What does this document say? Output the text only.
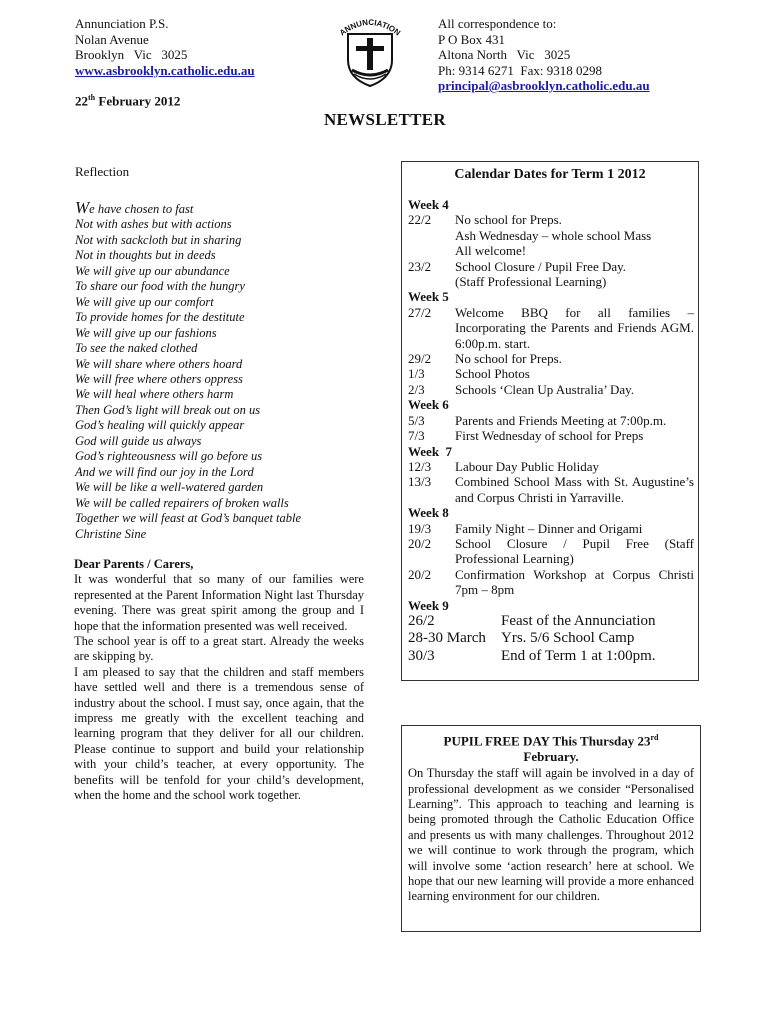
Annunciation P.S.
Nolan Avenue
Brooklyn   Vic   3025
www.asbrooklyn.catholic.edu.au
ANNUNCIATION
All correspondence to:
P O Box 431
Altona North   Vic   3025
Ph: 9314 6271  Fax: 9318 0298
principal@asbrooklyn.catholic.edu.au
22th February 2012
NEWSLETTER
Reflection
We have chosen to fast
Not with ashes but with actions
Not with sackcloth but in sharing
Not in thoughts but in deeds
We will give up our abundance
To share our food with the hungry
We will give up our comfort
To provide homes for the destitute
We will give up our fashions
To see the naked clothed
We will share where others hoard
We will free where others oppress
We will heal where others harm
Then God’s light will break out on us
God’s healing will quickly appear
God will guide us always
God’s righteousness will go before us
And we will find our joy in the Lord
We will be like a well-watered garden
We will be called repairers of broken walls
Together we will feast at God’s banquet table
Christine Sine

Dear Parents / Carers,

It was wonderful that so many of our families were represented at the Parent Information Night last Thursday evening. There was great spirit among the group and I hope that the information presented was well received.

The school year is off to a great start. Already the weeks are skipping by.

I am pleased to say that the children and staff members have settled well and there is a tremendous sense of industry about the school. I must say, once again, that the impress me greatly with the excellent teaching and learning program that they deliver for all our children. Please continue to support and build your relationship with your child’s teacher, at every opportunity. The benefits will be tenfold for your child’s development, when the home and the school work together.

Calendar Dates for Term 1 2012
Week 4
22/2	No school for Preps.
Ash Wednesday – whole school Mass
All welcome!
23/2	School Closure / Pupil Free Day.
(Staff Professional Learning)
Week 5
27/2	Welcome BBQ for all families – Incorporating the Parents and Friends AGM.          6:00p.m. start.
29/2	No school for Preps.
1/3	School Photos
2/3	Schools ‘Clean Up Australia’ Day.
Week 6
5/3	Parents and Friends Meeting at 7:00p.m.
7/3	First Wednesday of school for Preps
Week  7
12/3	Labour Day Public Holiday
13/3	Combined School Mass with St. Augustine’s and Corpus Christi in Yarraville.
Week 8
19/3	Family Night – Dinner and Origami
20/2	School Closure / Pupil Free (Staff Professional Learning)
20/2	Confirmation Workshop at Corpus Christi 7pm – 8pm
Week 9
26/2	Feast of the Annunciation
28-30 March	Yrs. 5/6 School Camp
30/3	End of Term 1 at 1:00pm.
PUPIL FREE DAY This Thursday 23rd
February.
On Thursday the staff will again be involved in a day of professional development as we consider “Personalised Learning”. This approach to teaching and learning is being promoted through the Catholic Education Office and presents us with many challenges. Throughout 2012 we will continue to work through the program, which will involve some ‘action research’ here at school. We hope that our new learning will provide a more enhanced learning environment for our children.
